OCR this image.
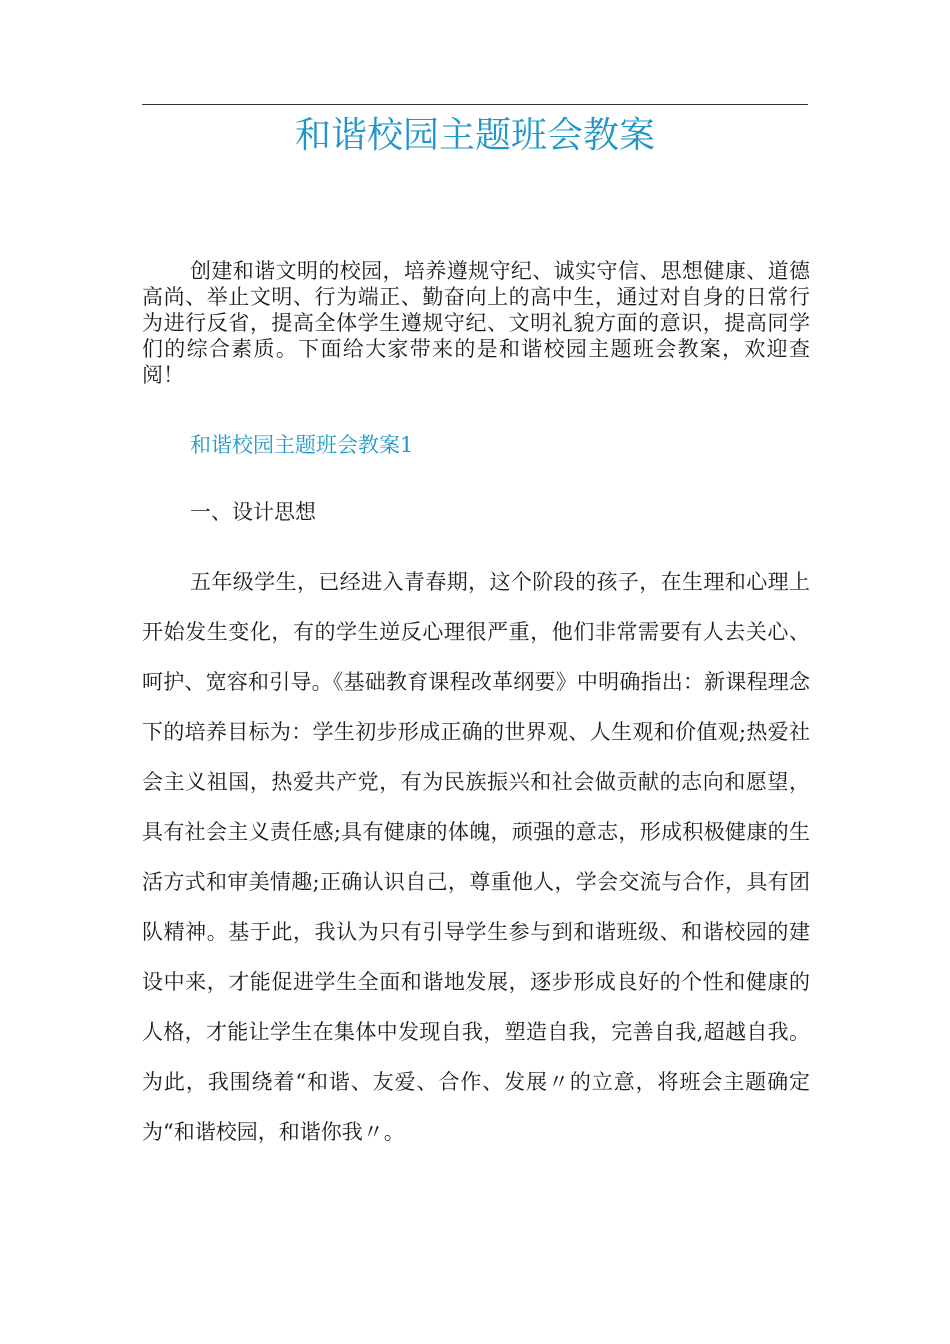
和谐校园主题班会教案

创建和谐文明的校园，培养遵规守纪、诚实守信、思想健康、道德高尚、举止文明、行为端正、勤奋向上的高中生，通过对自身的日常行为进行反省，提高全体学生遵规守纪、文明礼貌方面的意识，提高同学们的综合素质。下面给大家带来的是和谐校园主题班会教案，欢迎查阅！

和谐校园主题班会教案1
一、设计思想

五年级学生，已经进入青春期，这个阶段的孩子，在生理和心理上开始发生变化，有的学生逆反心理很严重，他们非常需要有人去关心、呵护、宽容和引导。《基础教育课程改革纲要》中明确指出：新课程理念下的培养目标为：学生初步形成正确的世界观、人生观和价值观;热爱社会主义祖国，热爱共产党，有为民族振兴和社会做贡献的志向和愿望，具有社会主义责任感;具有健康的体魄，顽强的意志，形成积极健康的生活方式和审美情趣;正确认识自己，尊重他人，学会交流与合作，具有团队精神。基于此，我认为只有引导学生参与到和谐班级、和谐校园的建设中来，才能促进学生全面和谐地发展，逐步形成良好的个性和健康的人格，才能让学生在集体中发现自我，塑造自我，完善自我,超越自我。为此，我围绕着“和谐、友爱、合作、发展〃的立意，将班会主题确定为“和谐校园，和谐你我〃。
